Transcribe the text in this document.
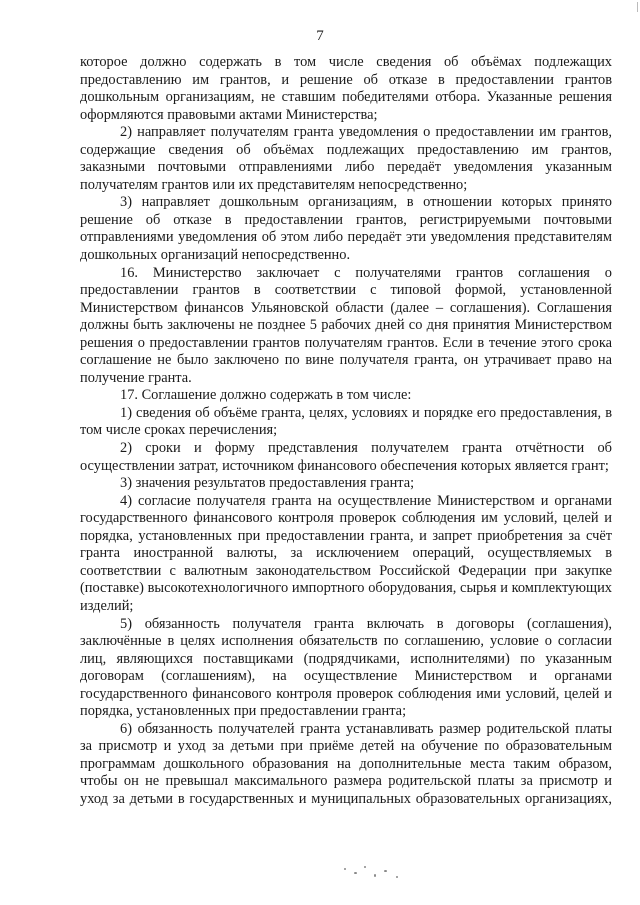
7

которое должно содержать в том числе сведения об объёмах подлежащих предоставлению им грантов, и решение об отказе в предоставлении грантов дошкольным организациям, не ставшим победителями отбора. Указанные решения оформляются правовыми актами Министерства;

2) направляет получателям гранта уведомления о предоставлении им грантов, содержащие сведения об объёмах подлежащих предоставлению им грантов, заказными почтовыми отправлениями либо передаёт уведомления указанным получателям грантов или их представителям непосредственно;

3) направляет дошкольным организациям, в отношении которых принято решение об отказе в предоставлении грантов, регистрируемыми почтовыми отправлениями уведомления об этом либо передаёт эти уведомления представителям дошкольных организаций непосредственно.

16. Министерство заключает с получателями грантов соглашения о предоставлении грантов в соответствии с типовой формой, установленной Министерством финансов Ульяновской области (далее – соглашения). Соглашения должны быть заключены не позднее 5 рабочих дней со дня принятия Министерством решения о предоставлении грантов получателям грантов. Если в течение этого срока соглашение не было заключено по вине получателя гранта, он утрачивает право на получение гранта.

17. Соглашение должно содержать в том числе:

1) сведения об объёме гранта, целях, условиях и порядке его предоставления, в том числе сроках перечисления;

2) сроки и форму представления получателем гранта отчётности об осуществлении затрат, источником финансового обеспечения которых является грант;

3) значения результатов предоставления гранта;

4) согласие получателя гранта на осуществление Министерством и органами государственного финансового контроля проверок соблюдения им условий, целей и порядка, установленных при предоставлении гранта, и запрет приобретения за счёт гранта иностранной валюты, за исключением операций, осуществляемых в соответствии с валютным законодательством Российской Федерации при закупке (поставке) высокотехнологичного импортного оборудования, сырья и комплектующих изделий;

5) обязанность получателя гранта включать в договоры (соглашения), заключённые в целях исполнения обязательств по соглашению, условие о согласии лиц, являющихся поставщиками (подрядчиками, исполнителями) по указанным договорам (соглашениям), на осуществление Министерством и органами государственного финансового контроля проверок соблюдения ими условий, целей и порядка, установленных при предоставлении гранта;

6) обязанность получателей гранта устанавливать размер родительской платы за присмотр и уход за детьми при приёме детей на обучение по образовательным программам дошкольного образования на дополнительные места таким образом, чтобы он не превышал максимального размера родительской платы за присмотр и уход за детьми в государственных и муниципальных образовательных организациях,
